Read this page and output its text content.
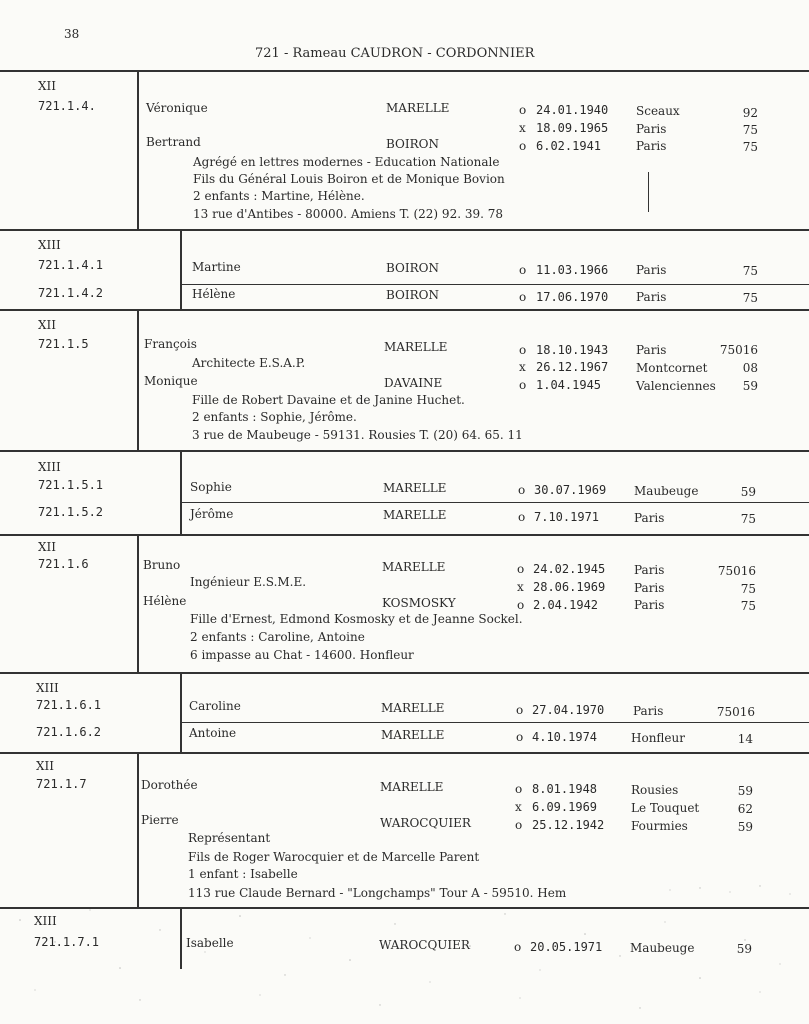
38
721 - Rameau CAUDRON - CORDONNIER
XII
721.1.4.	Véronique	MARELLE	o 24.01.1940 Sceaux	92
x 18.09.1965 Paris	75
Bertrand	BOIRON	o 6.02.1941	Paris	75
Agrégé en lettres modernes - Education Nationale
Fils du Général Louis Boiron et de Monique Bovion
2 enfants : Martine, Hélène.
13 rue d'Antibes - 80000. Amiens T. (22) 92. 39. 78
XIII
721.1.4.1	Martine	BOIRON	o 11.03.1966 Paris	75
721.1.4.2	Hélène	BOIRON	o 17.06.1970 Paris	75
XII
721.1.5	François	MARELLE	o 18.10.1943 Paris	75016
Architecte E.S.A.P.	x 26.12.1967 Montcornet	08
Monique	DAVAINE	o 1.04.1945	Valenciennes	59
Fille de Robert Davaine et de Janine Huchet.
2 enfants : Sophie, Jérôme.
3 rue de Maubeuge - 59131. Rousies T. (20) 64. 65. 11
XIII
721.1.5.1	Sophie	MARELLE	o 30.07.1969 Maubeuge	59
721.1.5.2	Jérôme	MARELLE	o 7.10.1971	Paris	75
XII
721.1.6	Bruno	MARELLE	o 24.02.1945 Paris	75016
Ingénieur E.S.M.E.	x 28.06.1969 Paris	75
Hélène	KOSMOSKY	o 2.04.1942	Paris	75
Fille d'Ernest, Edmond Kosmosky et de Jeanne Sockel.
2 enfants : Caroline, Antoine
6 impasse au Chat - 14600. Honfleur
XIII
721.1.6.1	Caroline	MARELLE	o 27.04.1970 Paris	75016
721.1.6.2	Antoine	MARELLE	o 4.10.1974	Honfleur	14
XII
721.1.7	Dorothée	MARELLE	o 8.01.1948	Rousies	59
x 6.09.1969	Le Touquet	62
Pierre	WAROCQUIER	o 25.12.1942 Fourmies	59
Représentant
Fils de Roger Warocquier et de Marcelle Parent
1 enfant : Isabelle
113 rue Claude Bernard - "Longchamps" Tour A - 59510. Hem
XIII
721.1.7.1	Isabelle	WAROCQUIER	o 20.05.1971 Maubeuge	59
